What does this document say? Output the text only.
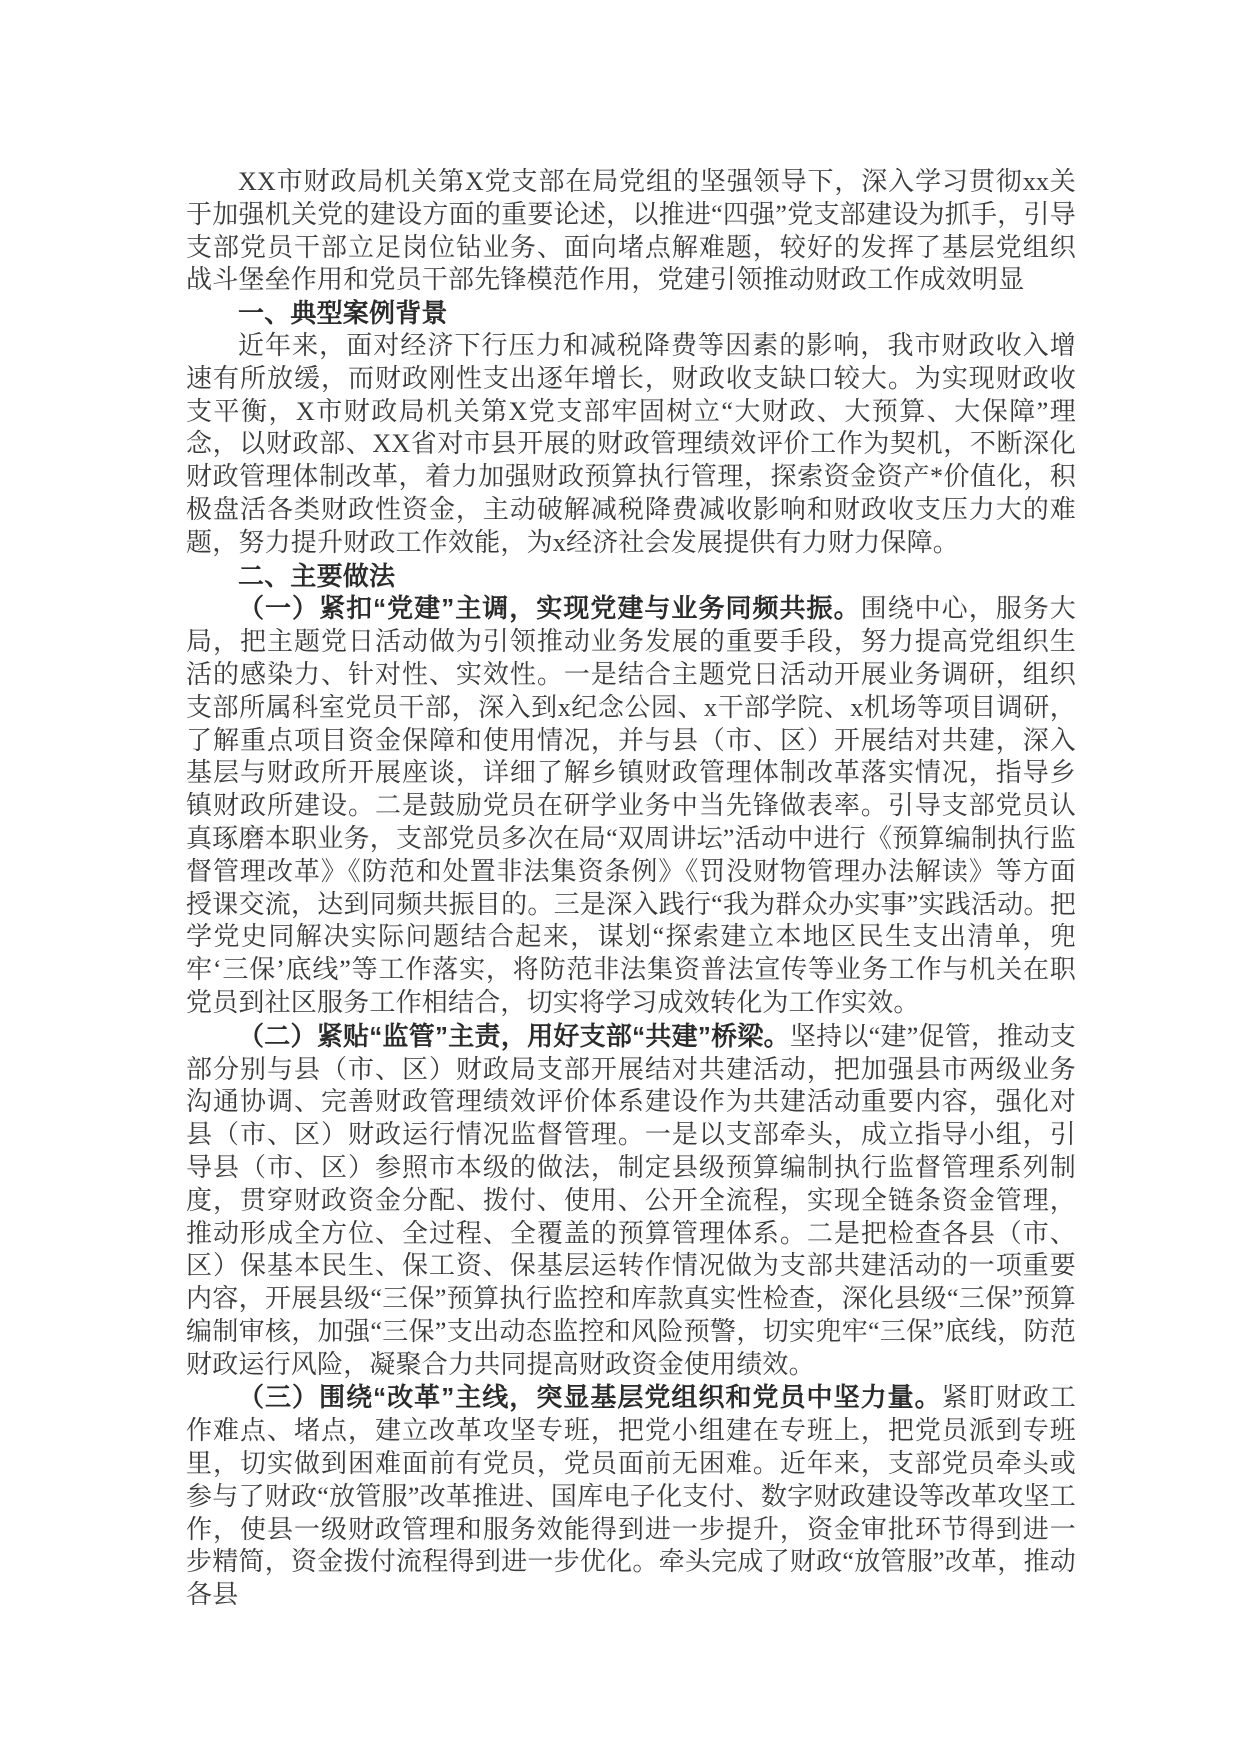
XX市财政局机关第X党支部在局党组的坚强领导下，深入学习贯彻xx关于加强机关党的建设方面的重要论述，以推进“四强”党支部建设为抓手，引导支部党员干部立足岗位钻业务、面向堵点解难题，较好的发挥了基层党组织战斗堡垒作用和党员干部先锋模范作用，党建引领推动财政工作成效明显

一、典型案例背景

近年来，面对经济下行压力和减税降费等因素的影响，我市财政收入增速有所放缓，而财政刚性支出逐年增长，财政收支缺口较大。为实现财政收支平衡，X市财政局机关第X党支部牢固树立“大财政、大预算、大保障”理念，以财政部、XX省对市县开展的财政管理绩效评价工作为契机，不断深化财政管理体制改革，着力加强财政预算执行管理，探索资金资产*价值化，积极盘活各类财政性资金，主动破解减税降费减收影响和财政收支压力大的难题，努力提升财政工作效能，为x经济社会发展提供有力财力保障。

二、主要做法

（一）紧扣“党建”主调，实现党建与业务同频共振。围绕中心，服务大局，把主题党日活动做为引领推动业务发展的重要手段，努力提高党组织生活的感染力、针对性、实效性。一是结合主题党日活动开展业务调研，组织支部所属科室党员干部，深入到x纪念公园、x干部学院、x机场等项目调研，了解重点项目资金保障和使用情况，并与县（市、区）开展结对共建，深入基层与财政所开展座谈，详细了解乡镇财政管理体制改革落实情况，指导乡镇财政所建设。二是鼓励党员在研学业务中当先锋做表率。引导支部党员认真琢磨本职业务，支部党员多次在局“双周讲坛”活动中进行《预算编制执行监督管理改革》《防范和处置非法集资条例》《罚没财物管理办法解读》等方面授课交流，达到同频共振目的。三是深入践行“我为群众办实事”实践活动。把学党史同解决实际问题结合起来，谋划“探索建立本地区民生支出清单，兜牢‘三保’底线”等工作落实，将防范非法集资普法宣传等业务工作与机关在职党员到社区服务工作相结合，切实将学习成效转化为工作实效。

（二）紧贴“监管”主责，用好支部“共建”桥梁。坚持以“建”促管，推动支部分别与县（市、区）财政局支部开展结对共建活动，把加强县市两级业务沟通协调、完善财政管理绩效评价体系建设作为共建活动重要内容，强化对县（市、区）财政运行情况监督管理。一是以支部牵头，成立指导小组，引导县（市、区）参照市本级的做法，制定县级预算编制执行监督管理系列制度，贯穿财政资金分配、拨付、使用、公开全流程，实现全链条资金管理，推动形成全方位、全过程、全覆盖的预算管理体系。二是把检查各县（市、区）保基本民生、保工资、保基层运转作情况做为支部共建活动的一项重要内容，开展县级“三保”预算执行监控和库款真实性检查，深化县级“三保”预算编制审核，加强“三保”支出动态监控和风险预警，切实兜牢“三保”底线，防范财政运行风险，凝聚合力共同提高财政资金使用绩效。

（三）围绕“改革”主线，突显基层党组织和党员中坚力量。紧盯财政工作难点、堵点，建立改革攻坚专班，把党小组建在专班上，把党员派到专班里，切实做到困难面前有党员，党员面前无困难。近年来，支部党员牵头或参与了财政“放管服”改革推进、国库电子化支付、数字财政建设等改革攻坚工作，使县一级财政管理和服务效能得到进一步提升，资金审批环节得到进一步精简，资金拨付流程得到进一步优化。牵头完成了财政“放管服”改革，推动各县
